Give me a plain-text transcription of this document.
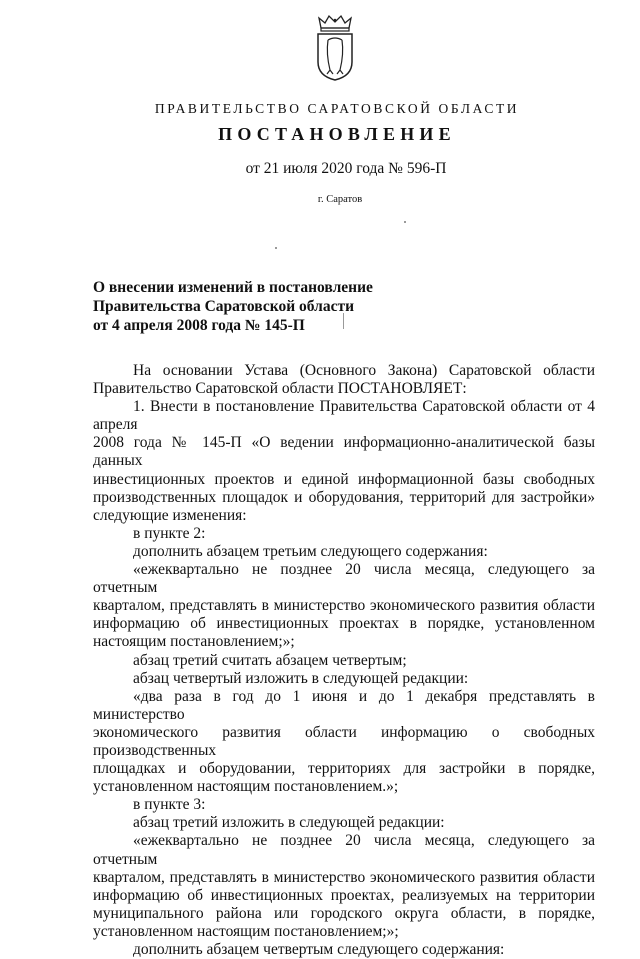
ПРАВИТЕЛЬСТВО САРАТОВСКОЙ ОБЛАСТИ
ПОСТАНОВЛЕНИЕ
от 21 июля 2020 года № 596-П
г. Саратов
О внесении изменений в постановление
Правительства Саратовской области
от 4 апреля 2008 года № 145-П

На основании Устава (Основного Закона) Саратовской области

Правительство Саратовской области ПОСТАНОВЛЯЕТ:

1. Внести в постановление Правительства Саратовской области от 4 апреля

2008 года № 145-П «О ведении информационно-аналитической базы данных

инвестиционных проектов и единой информационной базы свободных

производственных площадок и оборудования, территорий для застройки»

следующие изменения:

в пункте 2:

дополнить абзацем третьим следующего содержания:

«ежеквартально не позднее 20 числа месяца, следующего за отчетным

кварталом, представлять в министерство экономического развития области

информацию об инвестиционных проектах в порядке, установленном

настоящим постановлением;»;

абзац третий считать абзацем четвертым;

абзац четвертый изложить в следующей редакции:

«два раза в год до 1 июня и до 1 декабря представлять в министерство

экономического развития области информацию о свободных производственных

площадках и оборудовании, территориях для застройки в порядке,

установленном настоящим постановлением.»;

в пункте 3:

абзац третий изложить в следующей редакции:

«ежеквартально не позднее 20 числа месяца, следующего за отчетным

кварталом, представлять в министерство экономического развития области

информацию об инвестиционных проектах, реализуемых на территории

муниципального района или городского округа области, в порядке,

установленном настоящим постановлением;»;

дополнить абзацем четвертым следующего содержания:
